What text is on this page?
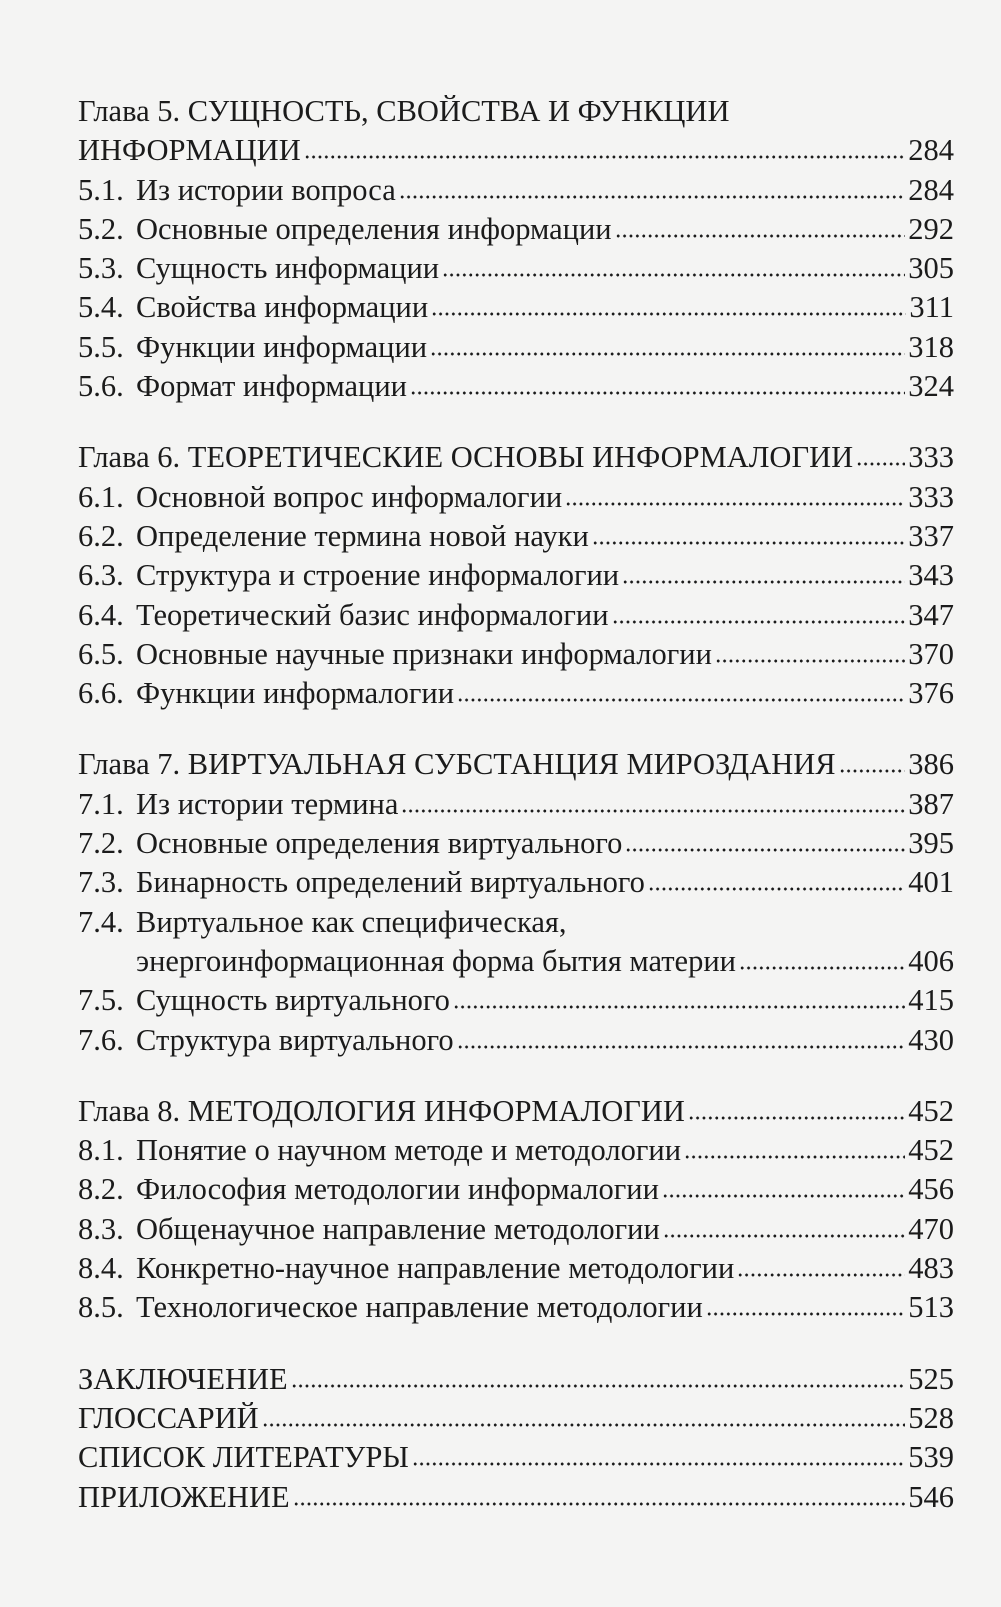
Глава 5. СУЩНОСТЬ, СВОЙСТВА И ФУНКЦИИ
ИНФОРМАЦИИ	284
5.1. Из истории вопроса	284
5.2. Основные определения информации	292
5.3. Сущность информации	305
5.4. Свойства информации	311
5.5. Функции информации	318
5.6. Формат информации	324
Глава 6. ТЕОРЕТИЧЕСКИЕ ОСНОВЫ ИНФОРМАЛОГИИ 333
6.1. Основной вопрос информалогии	333
6.2. Определение термина новой науки	337
6.3. Структура и строение информалогии	343
6.4. Теоретический базис информалогии	347
6.5. Основные научные признаки информалогии	370
6.6. Функции информалогии	376
Глава 7. ВИРТУАЛЬНАЯ СУБСТАНЦИЯ МИРОЗДАНИЯ 386
7.1. Из истории термина	387
7.2. Основные определения виртуального	395
7.3. Бинарность определений виртуального	401
7.4. Виртуальное как специфическая,
энергоинформационная форма бытия материи	406
7.5. Сущность виртуального	415
7.6. Структура виртуального	430
Глава 8. МЕТОДОЛОГИЯ ИНФОРМАЛОГИИ	452
8.1. Понятие о научном методе и методологии	452
8.2. Философия методологии информалогии	456
8.3. Общенаучное направление методологии	470
8.4. Конкретно-научное направление методологии	483
8.5. Технологическое направление методологии	513
ЗАКЛЮЧЕНИЕ	525
ГЛОССАРИЙ	528
СПИСОК ЛИТЕРАТУРЫ	539
ПРИЛОЖЕНИЕ	546
